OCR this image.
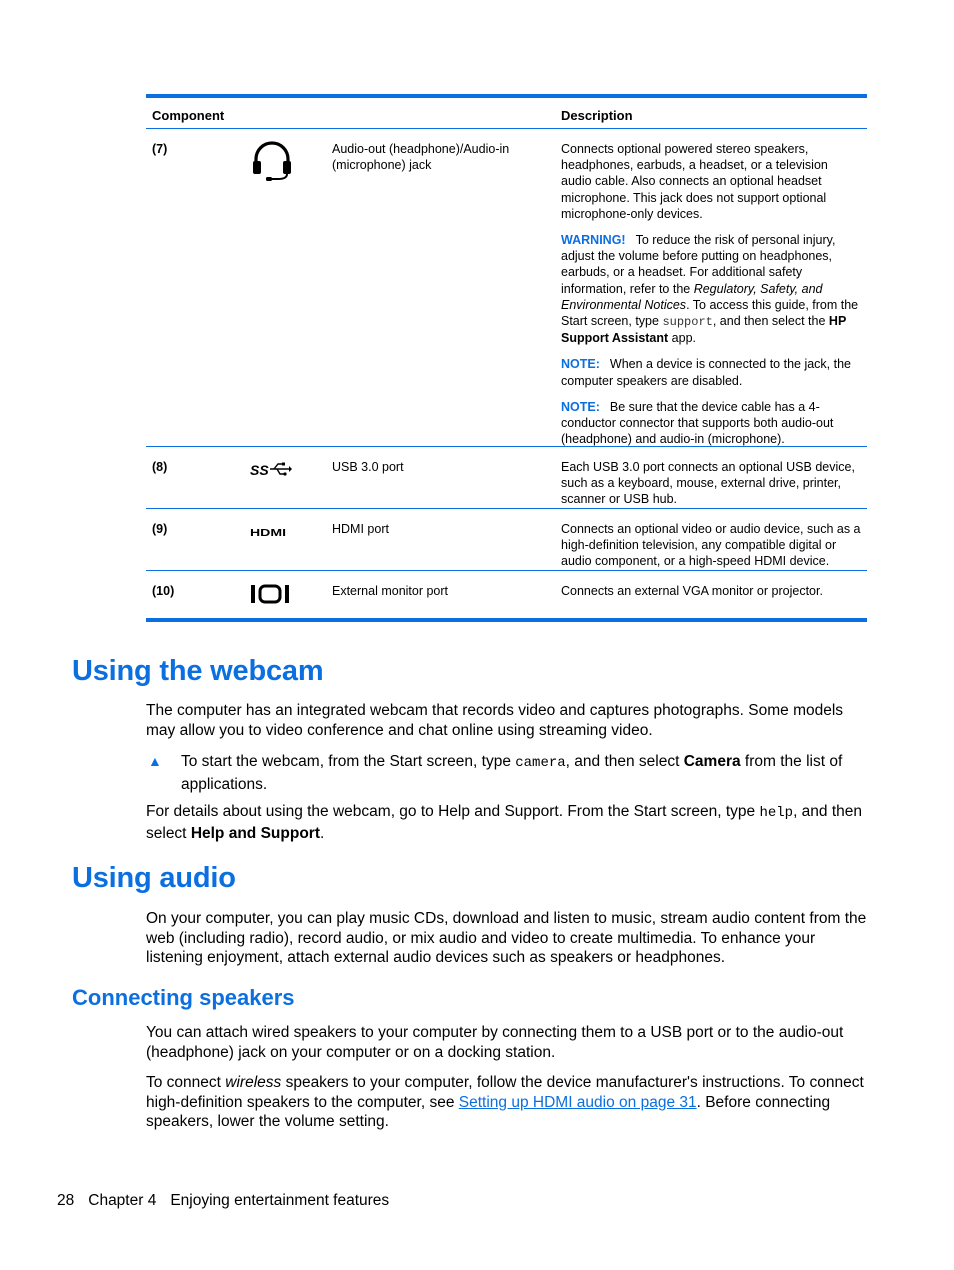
Component	Description
(7)	Audio-out (headphone)/Audio-in (microphone) jack

Connects optional powered stereo speakers, headphones, earbuds, a headset, or a television audio cable. Also connects an optional headset microphone. This jack does not support optional microphone-only devices.

WARNING! To reduce the risk of personal injury, adjust the volume before putting on headphones, earbuds, or a headset. For additional safety information, refer to the Regulatory, Safety, and Environmental Notices. To access this guide, from the Start screen, type support, and then select the HP Support Assistant app.

NOTE: When a device is connected to the jack, the computer speakers are disabled.

NOTE: Be sure that the device cable has a 4-conductor connector that supports both audio-out (headphone) and audio-in (microphone).

(8)	SS	USB 3.0 port	Each USB 3.0 port connects an optional USB device, such as a keyboard, mouse, external drive, printer, scanner or USB hub.
(9)	HDMI	HDMI port	Connects an optional video or audio device, such as a high-definition television, any compatible digital or audio component, or a high-speed HDMI device.
(10)	External monitor port	Connects an external VGA monitor or projector.
Using the webcam

The computer has an integrated webcam that records video and captures photographs. Some models may allow you to video conference and chat online using streaming video.

▲ To start the webcam, from the Start screen, type camera, and then select Camera from the list of applications.

For details about using the webcam, go to Help and Support. From the Start screen, type help, and then select Help and Support.

Using audio

On your computer, you can play music CDs, download and listen to music, stream audio content from the web (including radio), record audio, or mix audio and video to create multimedia. To enhance your listening enjoyment, attach external audio devices such as speakers or headphones.

Connecting speakers

You can attach wired speakers to your computer by connecting them to a USB port or to the audio-out (headphone) jack on your computer or on a docking station.

To connect wireless speakers to your computer, follow the device manufacturer's instructions. To connect high-definition speakers to the computer, see Setting up HDMI audio on page 31. Before connecting speakers, lower the volume setting.

28 Chapter 4 Enjoying entertainment features
